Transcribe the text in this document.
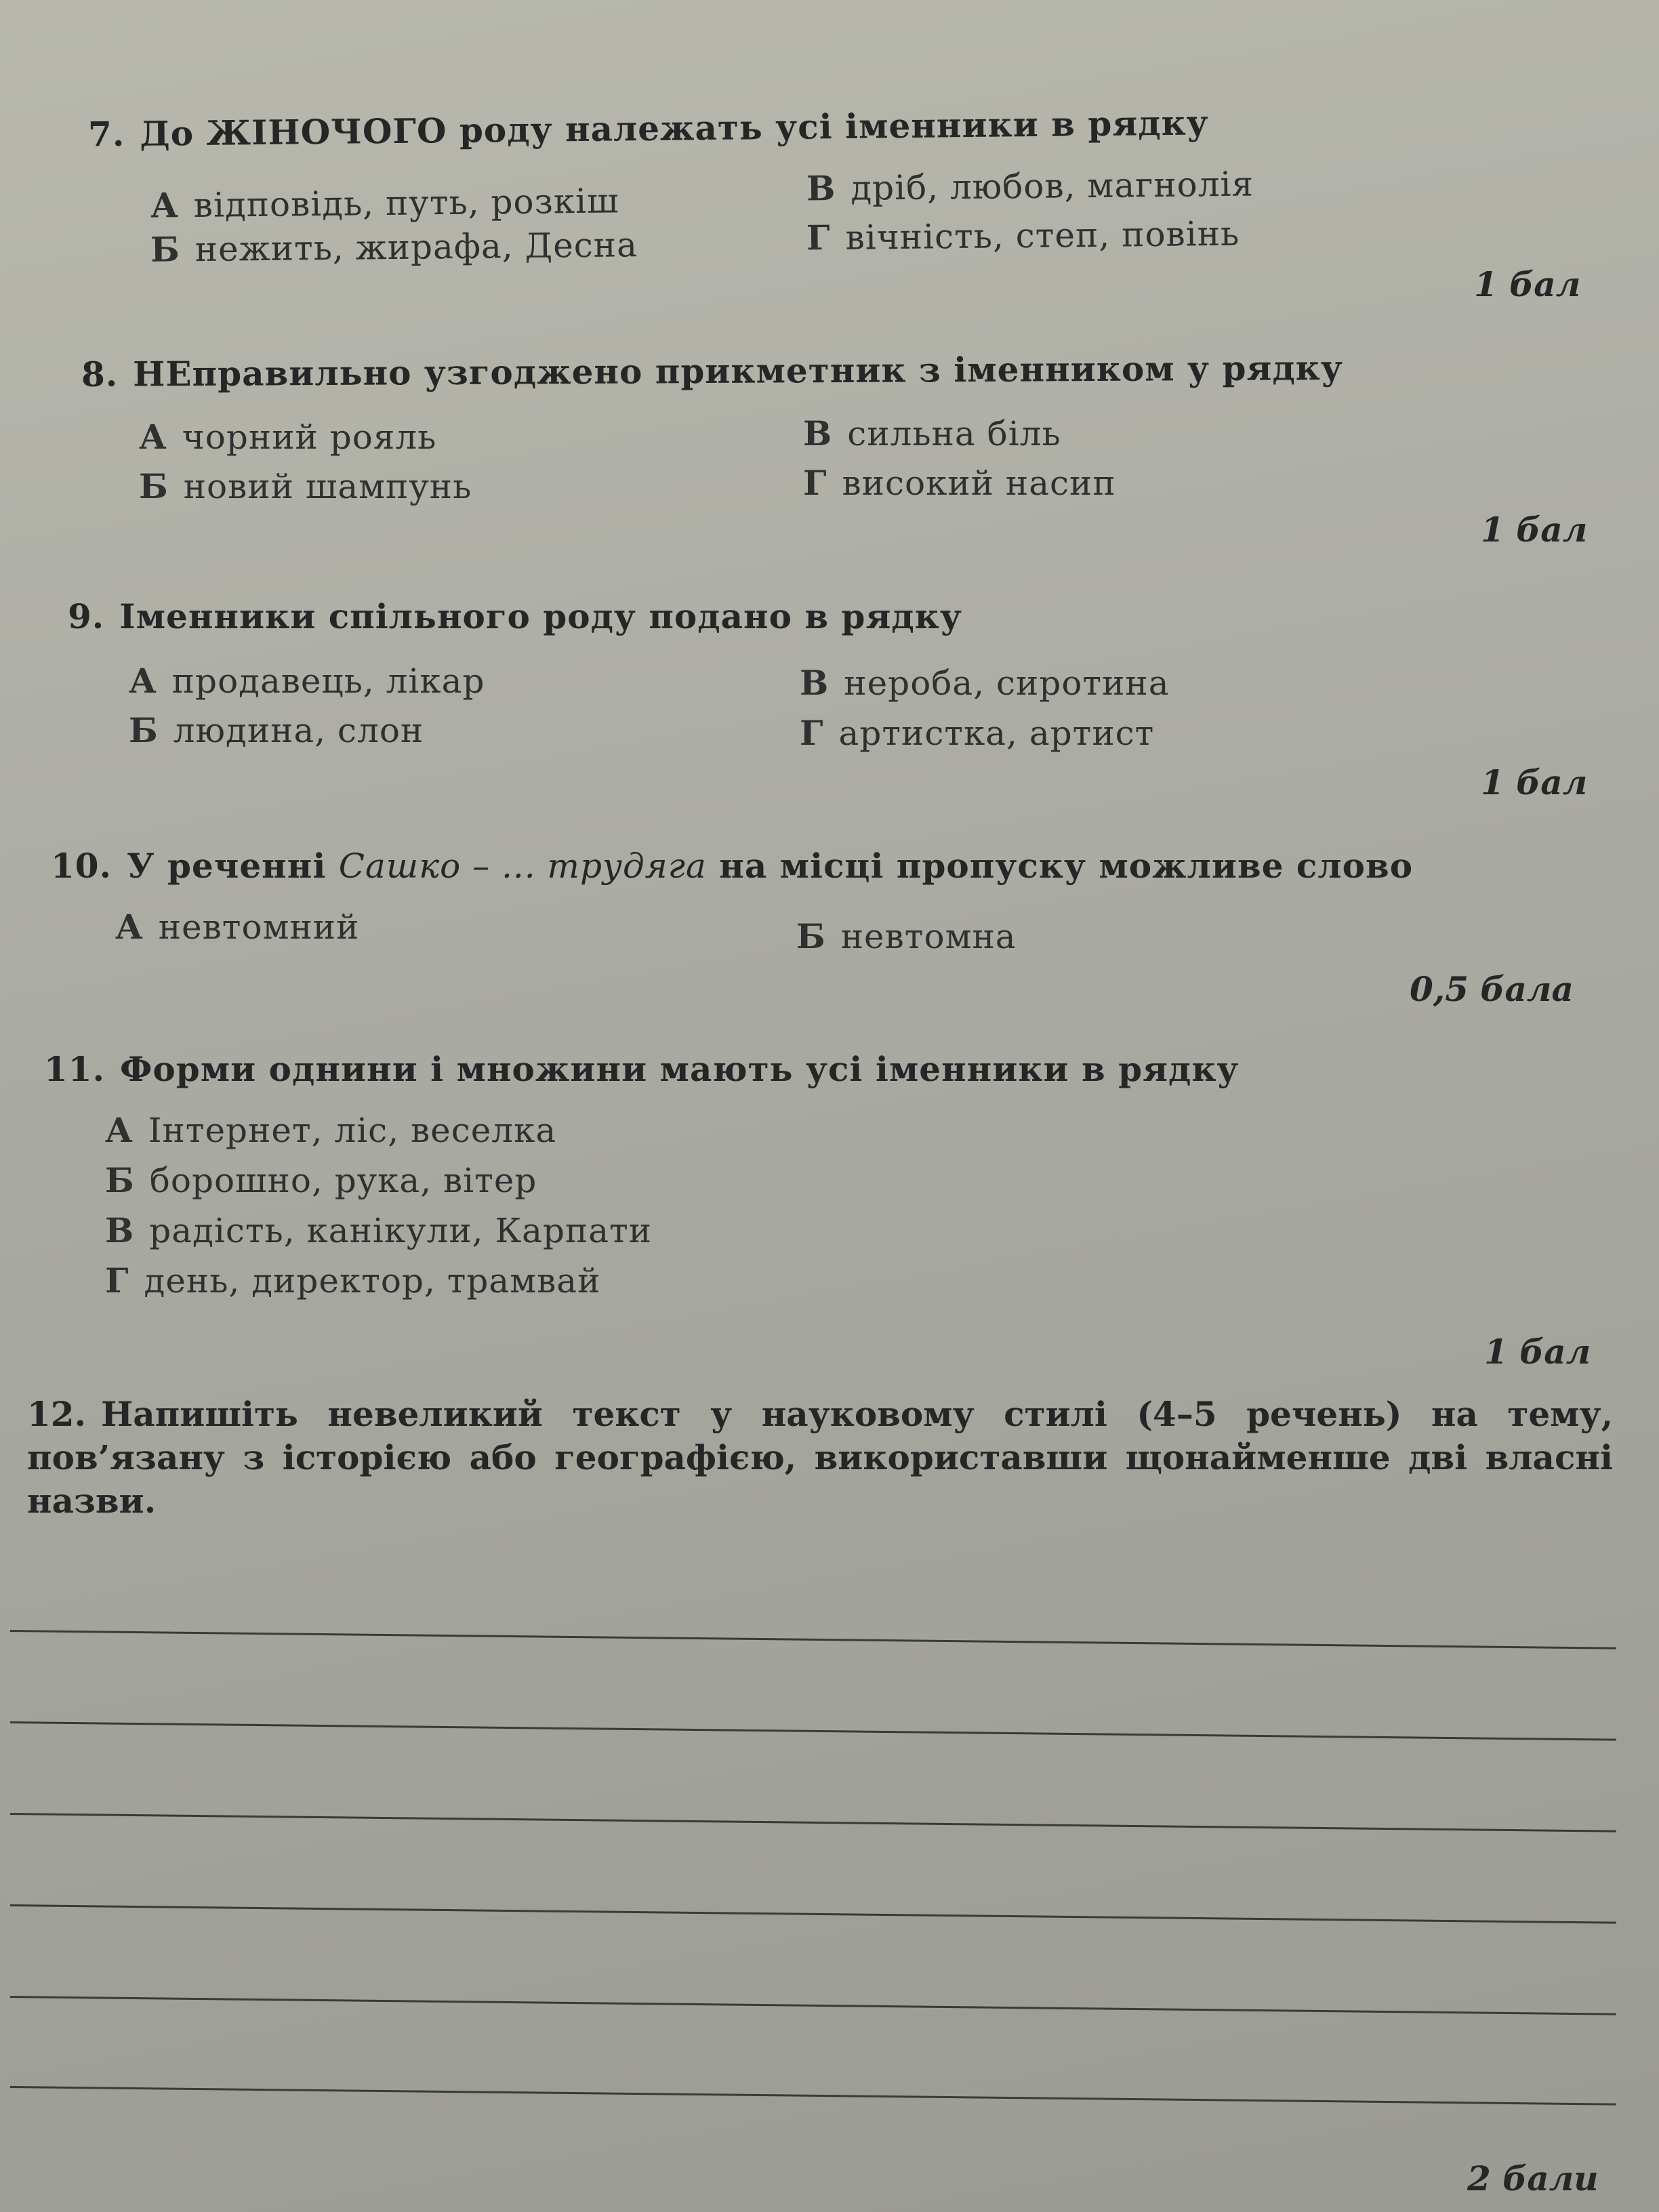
7. До ЖІНОЧОГО роду належать усі іменники в рядку
А відповідь, путь, розкіш
Б нежить, жирафа, Десна
В дріб, любов, магнолія
Г вічність, степ, повінь
1 бал
8. НЕправильно узгоджено прикметник з іменником у рядку
А чорний рояль
Б новий шампунь
В сильна біль
Г високий насип
1 бал
9. Іменники спільного роду подано в рядку
А продавець, лікар
Б людина, слон
В нероба, сиротина
Г артистка, артист
1 бал
10. У реченні Сашко – ... трудяга на місці пропуску можливе слово
А невтомний	Б невтомна
0,5 бала
11. Форми однини і множини мають усі іменники в рядку
А Інтернет, ліс, веселка
Б борошно, рука, вітер
В радість, канікули, Карпати
Г день, директор, трамвай
1 бал
12. Напишіть невеликий текст у науковому стилі (4–5 речень) на тему, пов’язану з історією або географією, використавши щонайменше дві власні назви.
2 бали
